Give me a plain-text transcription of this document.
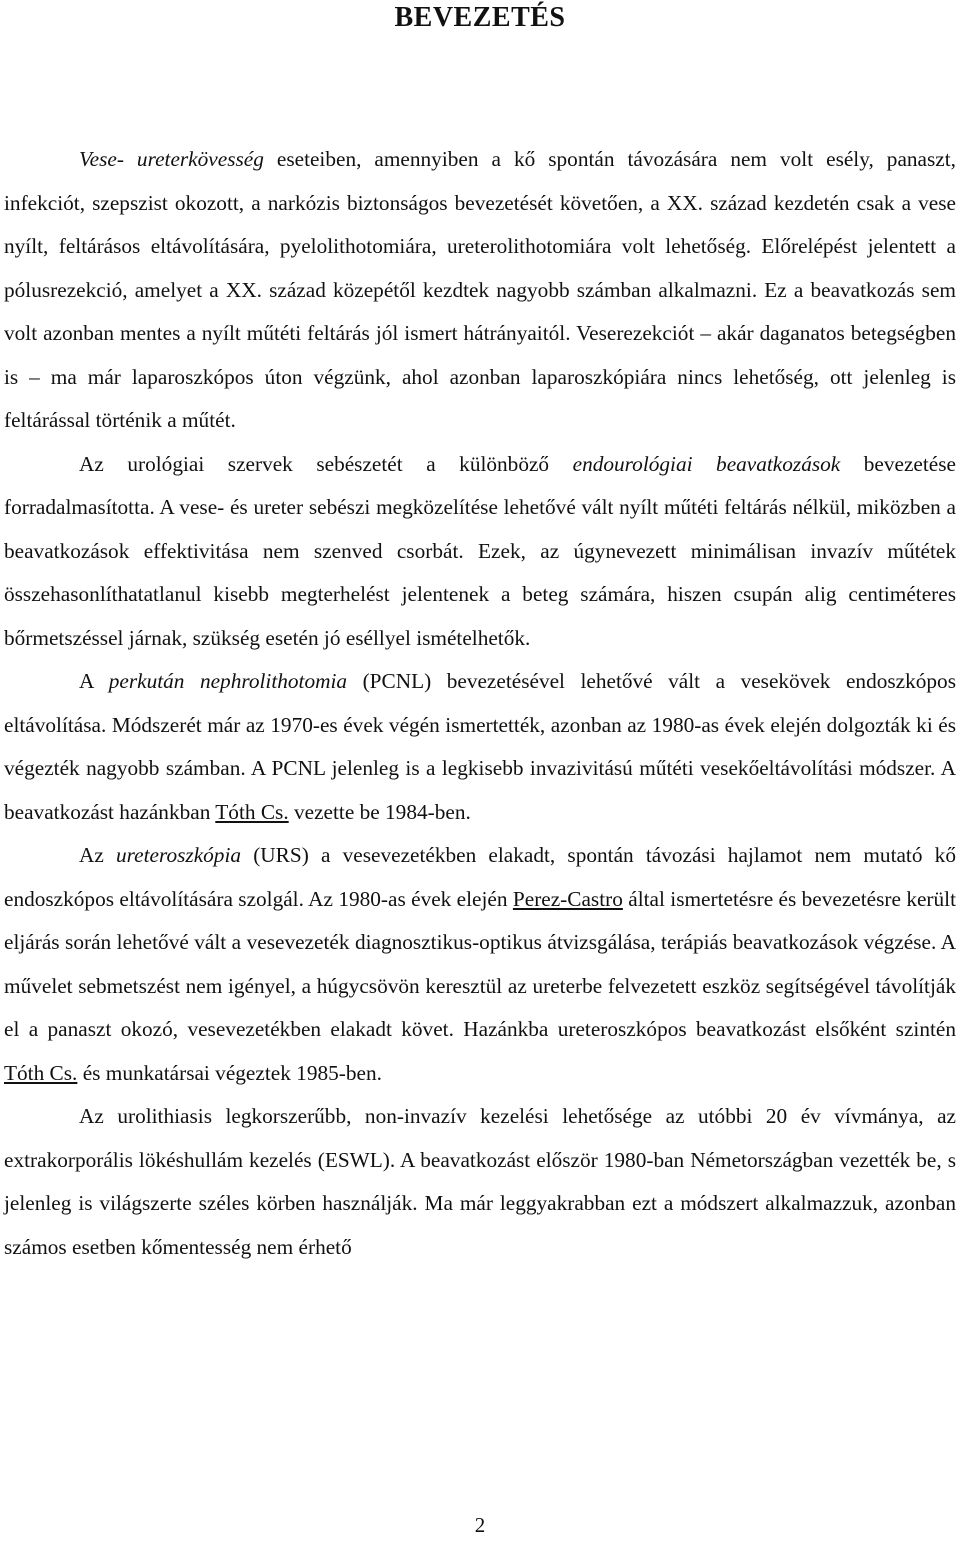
BEVEZETÉS

Vese- ureterkövesség eseteiben, amennyiben a kő spontán távozására nem volt esély, panaszt, infekciót, szepszist okozott, a narkózis biztonságos bevezetését követően, a XX. század kezdetén csak a vese nyílt, feltárásos eltávolítására, pyelolithotomiára, ureterolithotomiára volt lehetőség. Előrelépést jelentett a pólusrezekció, amelyet a XX. század közepétől kezdtek nagyobb számban alkalmazni. Ez a beavatkozás sem volt azonban mentes a nyílt műtéti feltárás jól ismert hátrányaitól. Veserezekciót – akár daganatos betegségben is – ma már laparoszkópos úton végzünk, ahol azonban laparoszkópiára nincs lehetőség, ott jelenleg is feltárással történik a műtét.

Az urológiai szervek sebészetét a különböző endourológiai beavatkozások bevezetése forradalmasította. A vese- és ureter sebészi megközelítése lehetővé vált nyílt műtéti feltárás nélkül, miközben a beavatkozások effektivitása nem szenved csorbát. Ezek, az úgynevezett minimálisan invazív műtétek összehasonlíthatatlanul kisebb megterhelést jelentenek a beteg számára, hiszen csupán alig centiméteres bőrmetszéssel járnak, szükség esetén jó eséllyel ismételhetők.

A perkután nephrolithotomia (PCNL) bevezetésével lehetővé vált a vesekövek endoszkópos eltávolítása. Módszerét már az 1970-es évek végén ismertették, azonban az 1980-as évek elején dolgozták ki és végezték nagyobb számban. A PCNL jelenleg is a legkisebb invazivitású műtéti vesekőeltávolítási módszer. A beavatkozást hazánkban Tóth Cs. vezette be 1984-ben.

Az ureteroszkópia (URS) a vesevezetékben elakadt, spontán távozási hajlamot nem mutató kő endoszkópos eltávolítására szolgál. Az 1980-as évek elején Perez-Castro által ismertetésre és bevezetésre került eljárás során lehetővé vált a vesevezeték diagnosztikus-optikus átvizsgálása, terápiás beavatkozások végzése. A művelet sebmetszést nem igényel, a húgycsövön keresztül az ureterbe felvezetett eszköz segítségével távolítják el a panaszt okozó, vesevezetékben elakadt követ. Hazánkba ureteroszkópos beavatkozást elsőként szintén Tóth Cs. és munkatársai végeztek 1985-ben.

Az urolithiasis legkorszerűbb, non-invazív kezelési lehetősége az utóbbi 20 év vívmánya, az extrakorporális lökéshullám kezelés (ESWL). A beavatkozást először 1980-ban Németországban vezették be, s jelenleg is világszerte széles körben használják. Ma már leggyakrabban ezt a módszert alkalmazzuk, azonban számos esetben kőmentesség nem érhető

2
